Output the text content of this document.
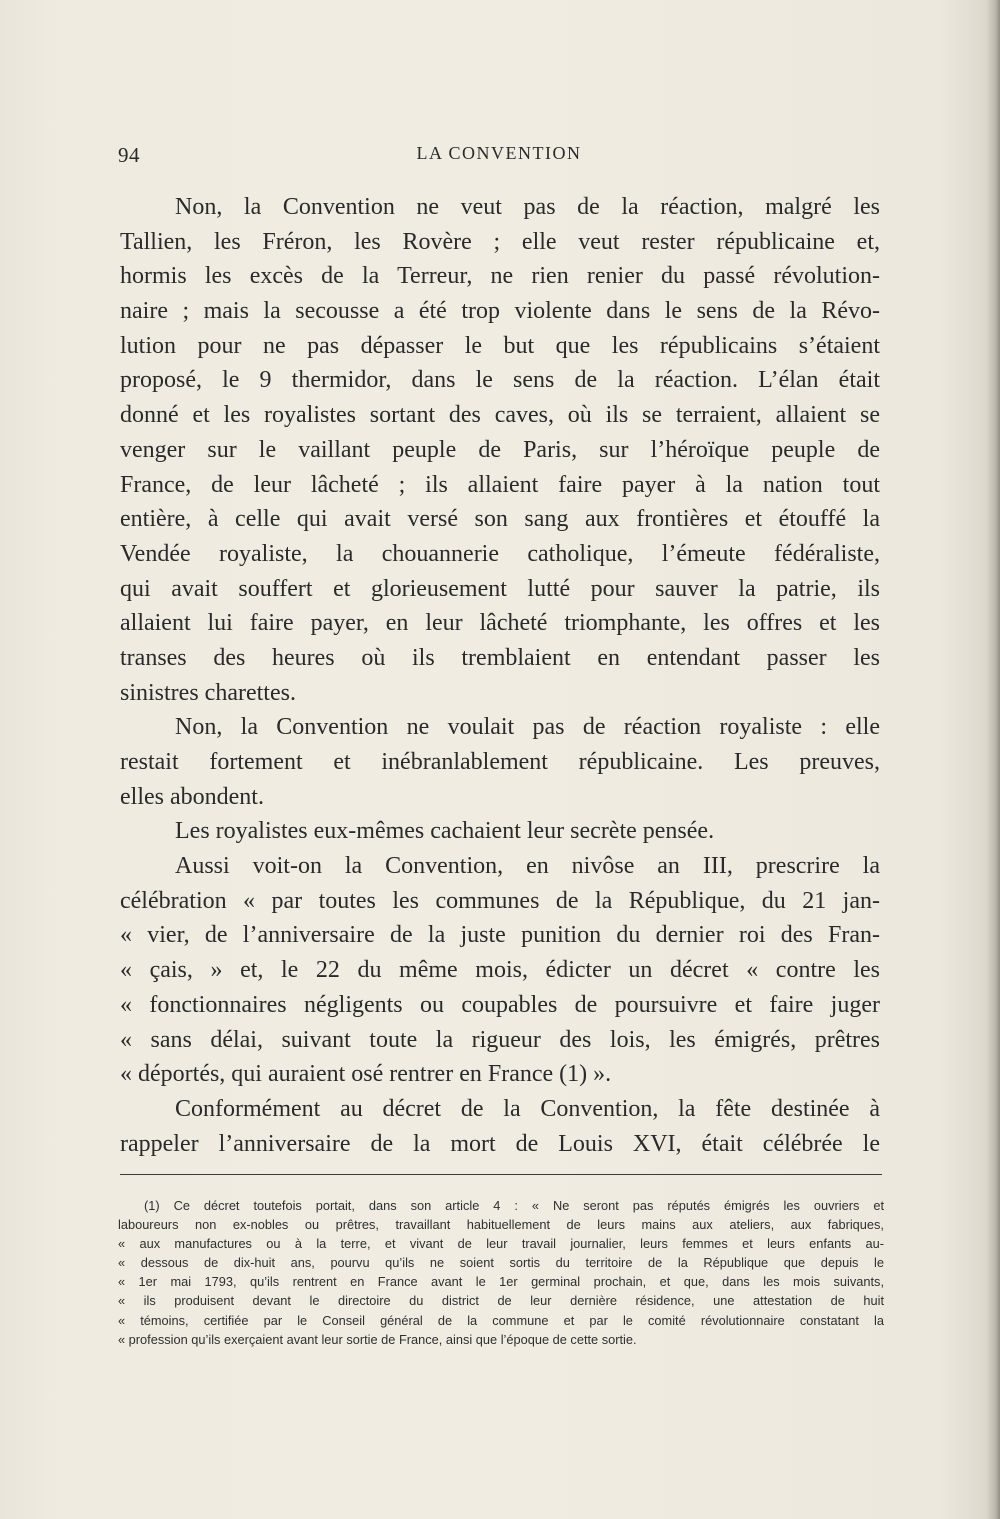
94	LA CONVENTION
Non, la Convention ne veut pas de la réaction, malgré les
Tallien, les Fréron, les Rovère ; elle veut rester républicaine et,
hormis les excès de la Terreur, ne rien renier du passé révolution-
naire ; mais la secousse a été trop violente dans le sens de la Révo-
lution pour ne pas dépasser le but que les républicains s’étaient
proposé, le 9 thermidor, dans le sens de la réaction. L’élan était
donné et les royalistes sortant des caves, où ils se terraient, allaient se
venger sur le vaillant peuple de Paris, sur l’héroïque peuple de
France, de leur lâcheté ; ils allaient faire payer à la nation tout
entière, à celle qui avait versé son sang aux frontières et étouffé la
Vendée royaliste, la chouannerie catholique, l’émeute fédéraliste,
qui avait souffert et glorieusement lutté pour sauver la patrie, ils
allaient lui faire payer, en leur lâcheté triomphante, les offres et les
transes des heures où ils tremblaient en entendant passer les
sinistres charettes.
Non, la Convention ne voulait pas de réaction royaliste : elle
restait fortement et inébranlablement républicaine. Les preuves,
elles abondent.
Les royalistes eux-mêmes cachaient leur secrète pensée.
Aussi voit-on la Convention, en nivôse an III, prescrire la
célébration « par toutes les communes de la République, du 21 jan-
« vier, de l’anniversaire de la juste punition du dernier roi des Fran-
« çais, » et, le 22 du même mois, édicter un décret « contre les
« fonctionnaires négligents ou coupables de poursuivre et faire juger
« sans délai, suivant toute la rigueur des lois, les émigrés, prêtres
« déportés, qui auraient osé rentrer en France (1) ».
Conformément au décret de la Convention, la fête destinée à
rappeler l’anniversaire de la mort de Louis XVI, était célébrée le
(1) Ce décret toutefois portait, dans son article 4 : « Ne seront pas réputés émigrés les ouvriers et
laboureurs non ex-nobles ou prêtres, travaillant habituellement de leurs mains aux ateliers, aux fabriques,
« aux manufactures ou à la terre, et vivant de leur travail journalier, leurs femmes et leurs enfants au-
« dessous de dix-huit ans, pourvu qu’ils ne soient sortis du territoire de la République que depuis le
« 1er mai 1793, qu’ils rentrent en France avant le 1er germinal prochain, et que, dans les mois suivants,
« ils produisent devant le directoire du district de leur dernière résidence, une attestation de huit
« témoins, certifiée par le Conseil général de la commune et par le comité révolutionnaire constatant la
« profession qu’ils exerçaient avant leur sortie de France, ainsi que l’époque de cette sortie.
